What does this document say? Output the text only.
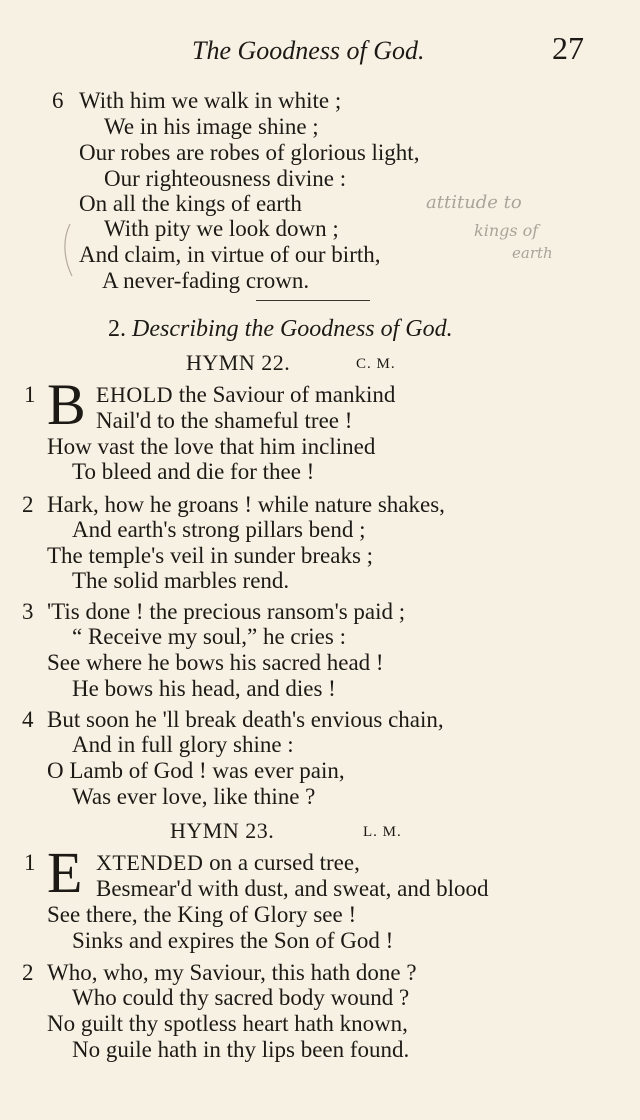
The Goodness of God.	27
6 With him we walk in white ;
We in his image shine ;
Our robes are robes of glorious light,
Our righteousness divine :
On all the kings of earth
With pity we look down ;
And claim, in virtue of our birth,
A never-fading crown.
attitude to
kings of
earth
2. Describing the Goodness of God.
HYMN 22.	C. M.
1 B EHOLD the Saviour of mankind
Nail'd to the shameful tree !
How vast the love that him inclined
To bleed and die for thee !
2 Hark, how he groans ! while nature shakes,
And earth's strong pillars bend ;
The temple's veil in sunder breaks ;
The solid marbles rend.
3 'Tis done ! the precious ransom's paid ;
“ Receive my soul,” he cries :
See where he bows his sacred head !
He bows his head, and dies !
4 But soon he 'll break death's envious chain,
And in full glory shine :
O Lamb of God ! was ever pain,
Was ever love, like thine ?
HYMN 23.	L. M.
1 E XTENDED on a cursed tree,
Besmear'd with dust, and sweat, and blood
See there, the King of Glory see !
Sinks and expires the Son of God !
2 Who, who, my Saviour, this hath done ?
Who could thy sacred body wound ?
No guilt thy spotless heart hath known,
No guile hath in thy lips been found.
